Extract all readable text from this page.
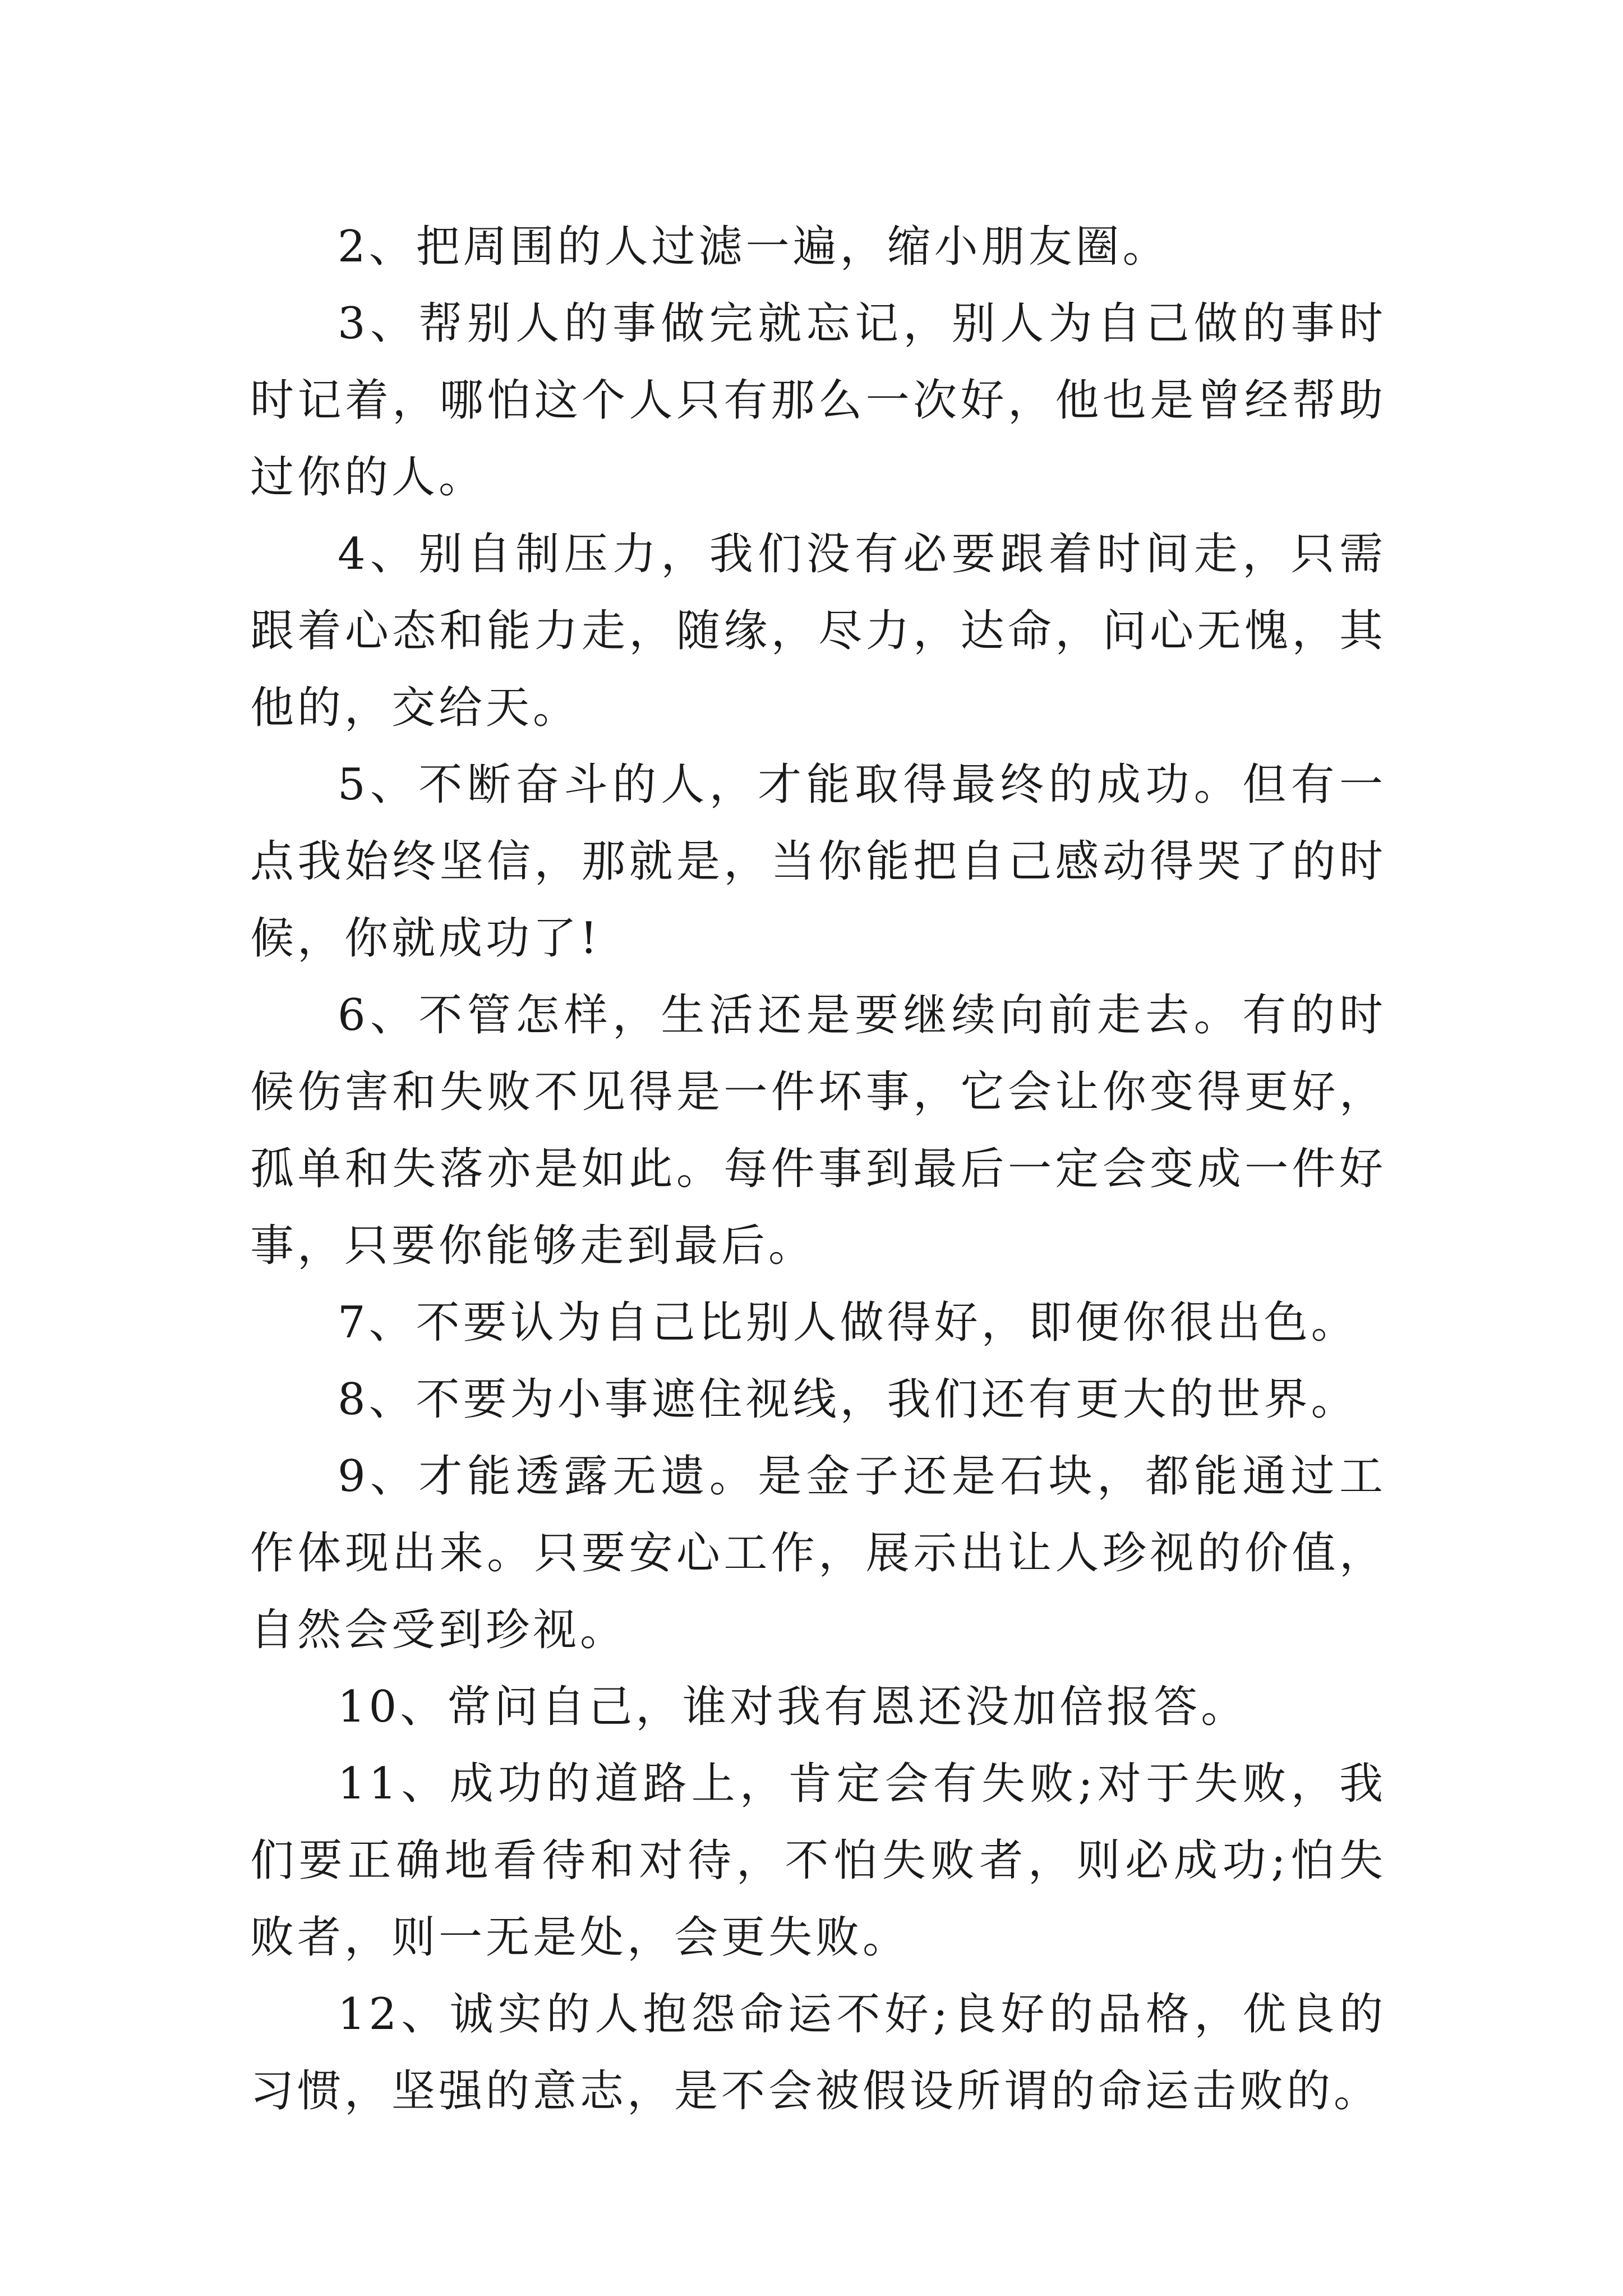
2、把周围的人过滤一遍，缩小朋友圈。

3、帮别人的事做完就忘记，别人为自己做的事时时记着，哪怕这个人只有那么一次好，他也是曾经帮助过你的人。

4、别自制压力，我们没有必要跟着时间走，只需跟着心态和能力走，随缘，尽力，达命，问心无愧，其他的，交给天。

5、不断奋斗的人，才能取得最终的成功。但有一点我始终坚信，那就是，当你能把自己感动得哭了的时候，你就成功了!

6、不管怎样，生活还是要继续向前走去。有的时候伤害和失败不见得是一件坏事，它会让你变得更好，孤单和失落亦是如此。每件事到最后一定会变成一件好事，只要你能够走到最后。

7、不要认为自己比别人做得好，即便你很出色。

8、不要为小事遮住视线，我们还有更大的世界。

9、才能透露无遗。是金子还是石块，都能通过工作体现出来。只要安心工作，展示出让人珍视的价值，自然会受到珍视。

10、常问自己，谁对我有恩还没加倍报答。

11、成功的道路上，肯定会有失败;对于失败，我们要正确地看待和对待，不怕失败者，则必成功;怕失败者，则一无是处，会更失败。

12、诚实的人抱怨命运不好;良好的品格，优良的习惯，坚强的意志，是不会被假设所谓的命运击败的。
